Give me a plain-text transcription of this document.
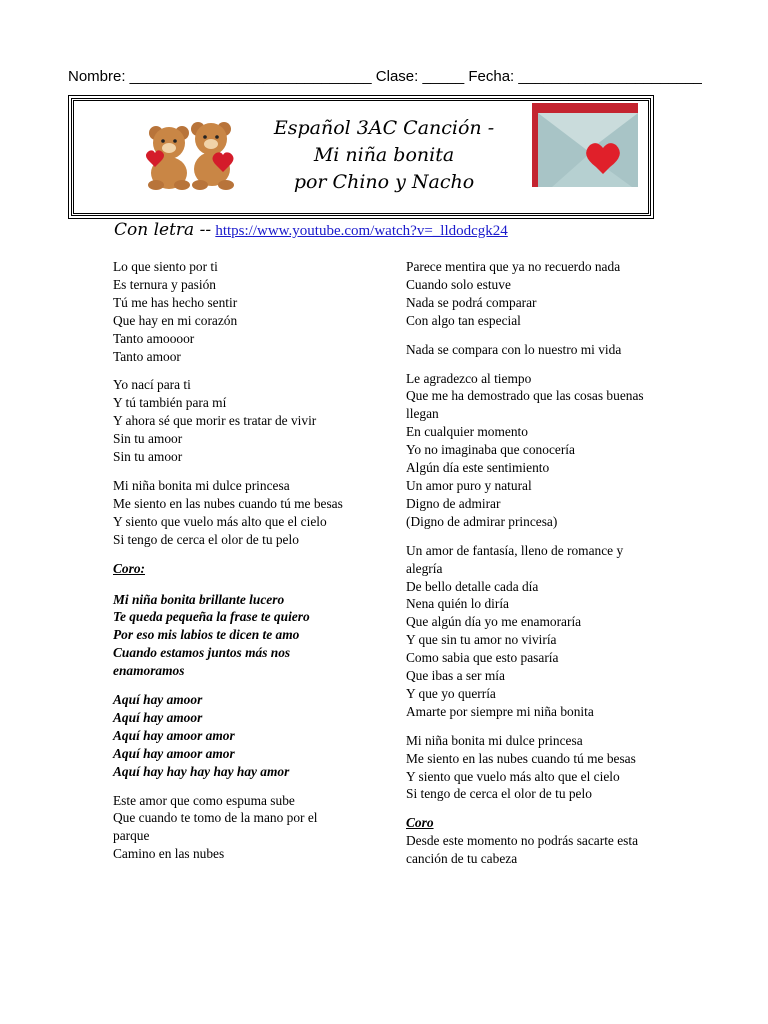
Nombre: _____________________________ Clase: _____ Fecha: ______________________
Español 3AC Canción -
Mi niña bonita
por Chino y Nacho
Con letra -- https://www.youtube.com/watch?v=_lldodcgk24
Lo que siento por ti
Es ternura y pasión
Tú me has hecho sentir
Que hay en mi corazón
Tanto amoooor
Tanto amoor
Yo nací para ti
Y tú también para mí
Y ahora sé que morir es tratar de vivir
Sin tu amoor
Sin tu amoor
Mi niña bonita mi dulce princesa
Me siento en las nubes cuando tú me besas
Y siento que vuelo más alto que el cielo
Si tengo de cerca el olor de tu pelo
Coro:
Mi niña bonita brillante lucero
Te queda pequeña la frase te quiero
Por eso mis labios te dicen te amo
Cuando estamos juntos más nos enamoramos
Aquí hay amoor
Aquí hay amoor
Aquí hay amoor amor
Aquí hay amoor amor
Aquí hay hay hay hay hay amor
Este amor que como espuma sube
Que cuando te tomo de la mano por el parque
Camino en las nubes
Parece mentira que ya no recuerdo nada
Cuando solo estuve
Nada se podrá comparar
Con algo tan especial
Nada se compara con lo nuestro mi vida
Le agradezco al tiempo
Que me ha demostrado que las cosas buenas llegan
En cualquier momento
Yo no imaginaba que conocería
Algún día este sentimiento
Un amor puro y natural
Digno de admirar
(Digno de admirar princesa)
Un amor de fantasía, lleno de romance y alegría
De bello detalle cada día
Nena quién lo diría
Que algún día yo me enamoraría
Y que sin tu amor no viviría
Como sabia que esto pasaría
Que ibas a ser mía
Y que yo querría
Amarte por siempre mi niña bonita
Mi niña bonita mi dulce princesa
Me siento en las nubes cuando tú me besas
Y siento que vuelo más alto que el cielo
Si tengo de cerca el olor de tu pelo
Coro
Desde este momento no podrás sacarte esta canción de tu cabeza
